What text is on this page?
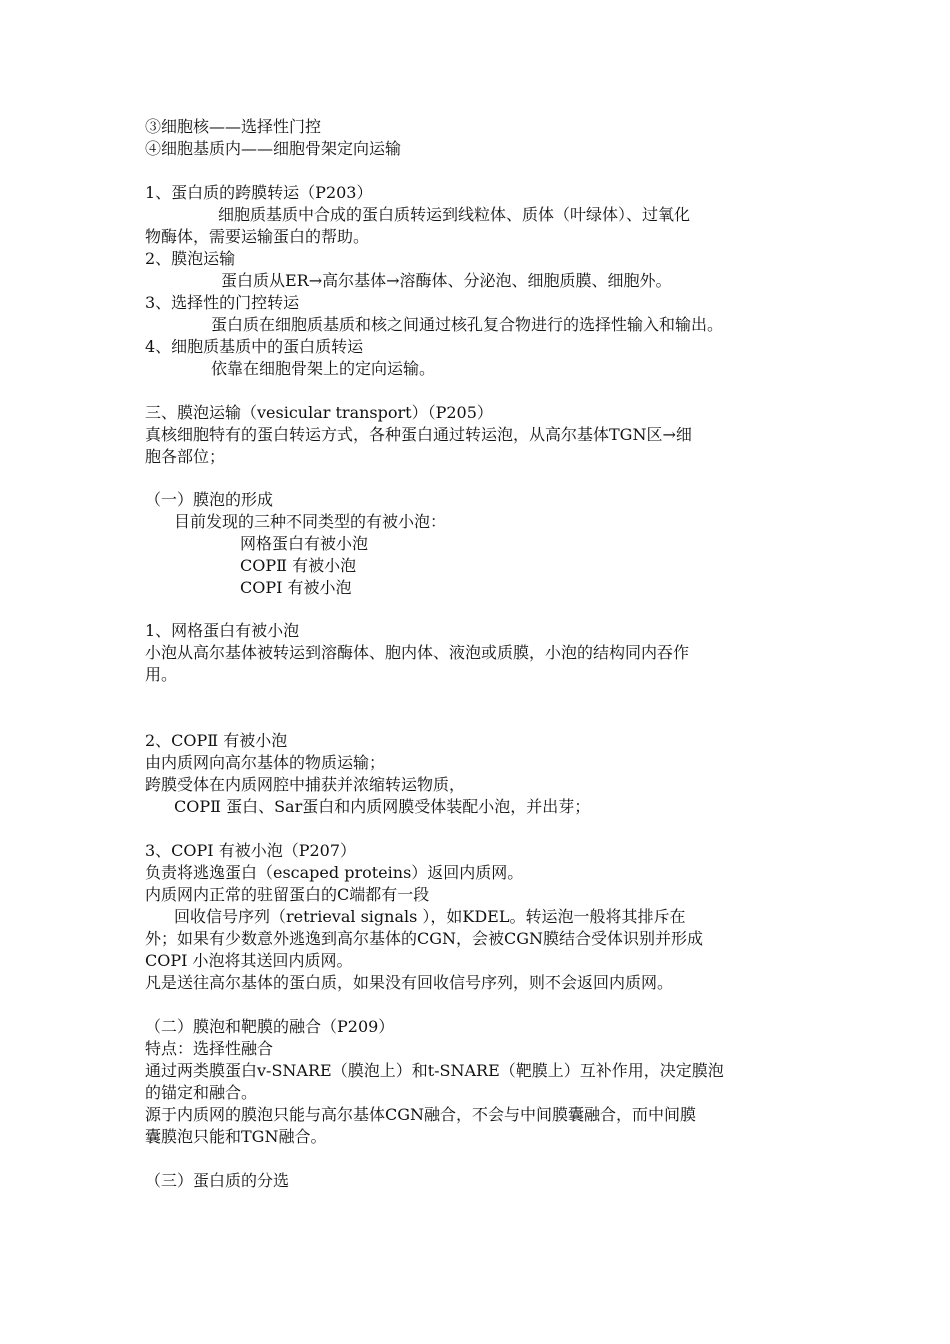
③细胞核——选择性门控
④细胞基质内——细胞骨架定向运输
1、蛋白质的跨膜转运（P203）
细胞质基质中合成的蛋白质转运到线粒体、质体（叶绿体）、过氧化
物酶体，需要运输蛋白的帮助。
2、膜泡运输
蛋白质从ER→高尔基体→溶酶体、分泌泡、细胞质膜、细胞外。
3、选择性的门控转运
蛋白质在细胞质基质和核之间通过核孔复合物进行的选择性输入和输出。
4、细胞质基质中的蛋白质转运
依靠在细胞骨架上的定向运输。
三、膜泡运输（vesicular transport）（P205）
真核细胞特有的蛋白转运方式，各种蛋白通过转运泡，从高尔基体TGN区→细
胞各部位；
（一）膜泡的形成
目前发现的三种不同类型的有被小泡：
网格蛋白有被小泡
COPⅡ 有被小泡
COPⅠ 有被小泡
1、网格蛋白有被小泡
小泡从高尔基体被转运到溶酶体、胞内体、液泡或质膜，小泡的结构同内吞作
用。
2、COPⅡ 有被小泡
由内质网向高尔基体的物质运输；
跨膜受体在内质网腔中捕获并浓缩转运物质，
COPⅡ 蛋白、Sar蛋白和内质网膜受体装配小泡，并出芽；
3、COPⅠ 有被小泡（P207）
负责将逃逸蛋白（escaped proteins）返回内质网。
内质网内正常的驻留蛋白的C端都有一段
回收信号序列（retrieval signals ），如KDEL。转运泡一般将其排斥在
外；如果有少数意外逃逸到高尔基体的CGN，会被CGN膜结合受体识别并形成
COPⅠ 小泡将其送回内质网。
凡是送往高尔基体的蛋白质，如果没有回收信号序列，则不会返回内质网。
（二）膜泡和靶膜的融合（P209）
特点：选择性融合
通过两类膜蛋白v-SNARE（膜泡上）和t-SNARE（靶膜上）互补作用，决定膜泡
的锚定和融合。
源于内质网的膜泡只能与高尔基体CGN融合，不会与中间膜囊融合，而中间膜
囊膜泡只能和TGN融合。
（三）蛋白质的分选
